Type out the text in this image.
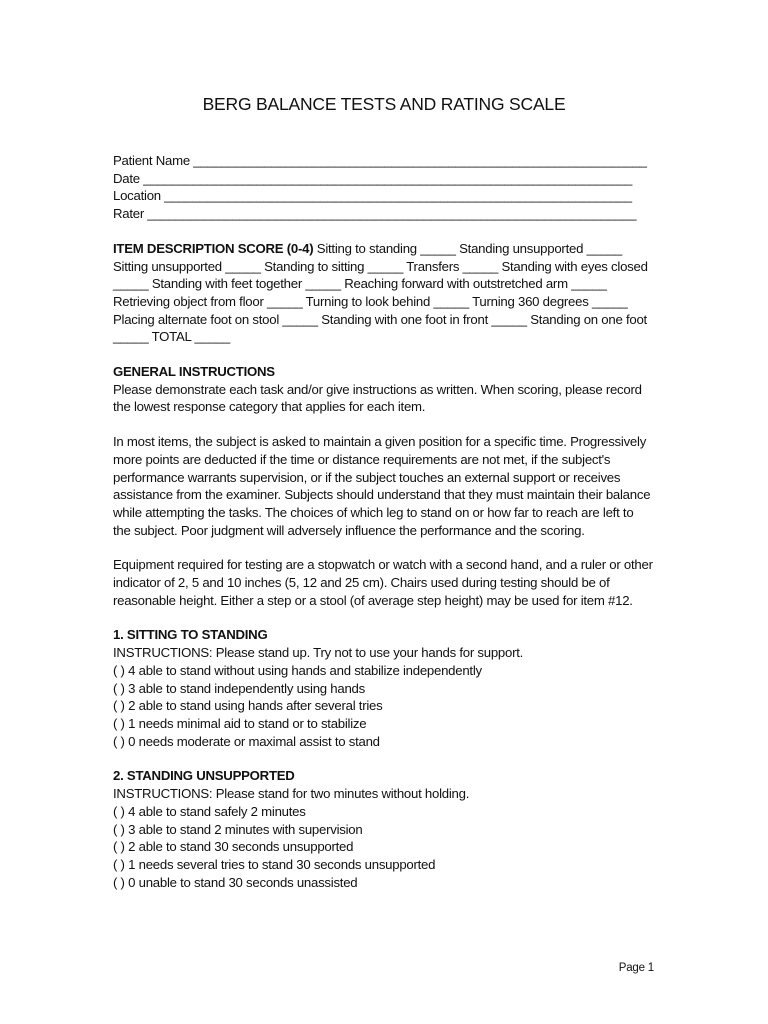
BERG BALANCE TESTS AND RATING SCALE
Patient Name ________________________________________________________________
Date _____________________________________________________________________
Location __________________________________________________________________
Rater _____________________________________________________________________

ITEM DESCRIPTION SCORE (0-4) Sitting to standing _____ Standing unsupported _____ Sitting unsupported _____ Standing to sitting _____ Transfers _____ Standing with eyes closed _____ Standing with feet together _____ Reaching forward with outstretched arm _____ Retrieving object from floor _____ Turning to look behind _____ Turning 360 degrees _____ Placing alternate foot on stool _____ Standing with one foot in front _____ Standing on one foot _____ TOTAL _____

GENERAL INSTRUCTIONS

Please demonstrate each task and/or give instructions as written. When scoring, please record the lowest response category that applies for each item.

In most items, the subject is asked to maintain a given position for a specific time. Progressively more points are deducted if the time or distance requirements are not met, if the subject's performance warrants supervision, or if the subject touches an external support or receives assistance from the examiner. Subjects should understand that they must maintain their balance while attempting the tasks. The choices of which leg to stand on or how far to reach are left to the subject. Poor judgment will adversely influence the performance and the scoring.

Equipment required for testing are a stopwatch or watch with a second hand, and a ruler or other indicator of 2, 5 and 10 inches (5, 12 and 25 cm). Chairs used during testing should be of reasonable height. Either a step or a stool (of average step height) may be used for item #12.

1. SITTING TO STANDING
INSTRUCTIONS: Please stand up. Try not to use your hands for support.
( ) 4 able to stand without using hands and stabilize independently
( ) 3 able to stand independently using hands
( ) 2 able to stand using hands after several tries
( ) 1 needs minimal aid to stand or to stabilize
( ) 0 needs moderate or maximal assist to stand
2. STANDING UNSUPPORTED
INSTRUCTIONS: Please stand for two minutes without holding.
( ) 4 able to stand safely 2 minutes
( ) 3 able to stand 2 minutes with supervision
( ) 2 able to stand 30 seconds unsupported
( ) 1 needs several tries to stand 30 seconds unsupported
( ) 0 unable to stand 30 seconds unassisted
Page 1
